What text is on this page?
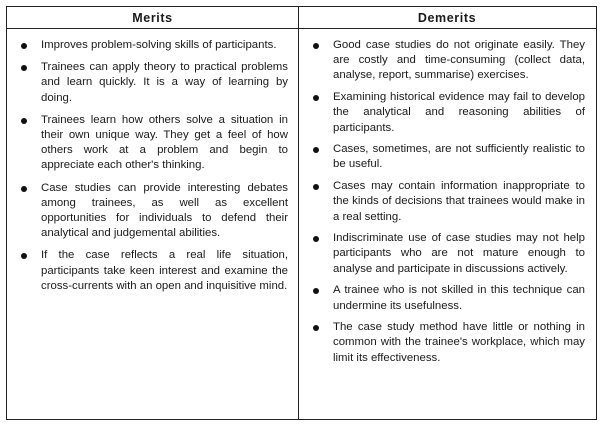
Merits	Demerits
Improves problem-solving skills of participants.
Trainees can apply theory to practical problems and learn quickly. It is a way of learning by doing.
Trainees learn how others solve a situation in their own unique way. They get a feel of how others work at a problem and begin to appreciate each other's thinking.
Case studies can provide interesting debates among trainees, as well as excellent opportunities for individuals to defend their analytical and judgemental abilities.
If the case reflects a real life situation, participants take keen interest and examine the cross-currents with an open and inquisitive mind.
Good case studies do not originate easily. They are costly and time-consuming (collect data, analyse, report, summarise) exercises.
Examining historical evidence may fail to develop the analytical and reasoning abilities of participants.
Cases, sometimes, are not sufficiently realistic to be useful.
Cases may contain information inappropriate to the kinds of decisions that trainees would make in a real setting.
Indiscriminate use of case studies may not help participants who are not mature enough to analyse and participate in discussions actively.
A trainee who is not skilled in this technique can undermine its usefulness.
The case study method have little or nothing in common with the trainee's workplace, which may limit its effectiveness.
